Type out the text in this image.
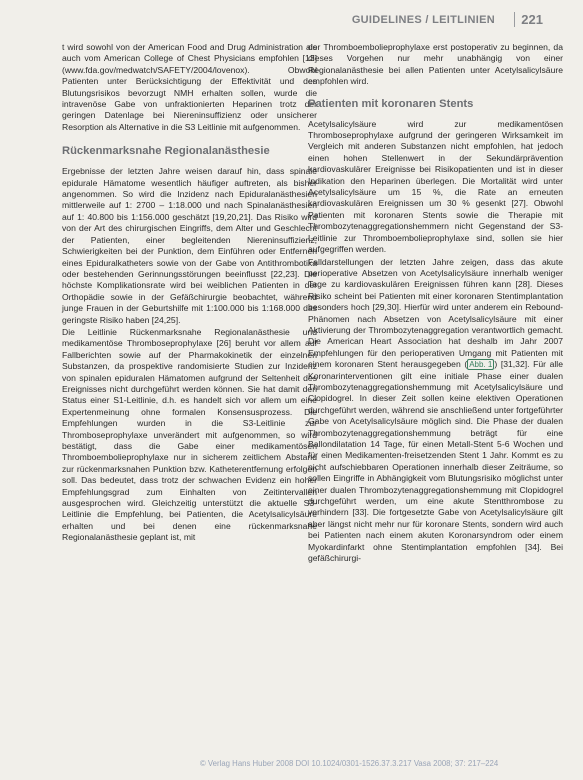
GUIDELINES / LEITLINIEN 221

t wird sowohl von der American Food and Drug Administration als auch vom American College of Chest Physicians empfohlen [13] (www.fda.gov/medwatch/SAFETY/2004/lovenox). Obwohl Patienten unter Berücksichtigung der Effektivität und des Blutungsrisikos bevorzugt NMH erhalten sollen, wurde die intravenöse Gabe von unfraktionierten Heparinen trotz der geringen Datenlage bei Niereninsuffizienz oder unsicherer Resorption als Alternative in die S3 Leitlinie mit aufgenommen.

Rückenmarksnahe Regionalanästhesie

Ergebnisse der letzten Jahre weisen darauf hin, dass spinale epidurale Hämatome wesentlich häufiger auftreten, als bisher angenommen. So wird die Inzidenz nach Epiduralanästhesien mittlerweile auf 1: 2700 – 1:18.000 und nach Spinalanästhesien auf 1: 40.800 bis 1:156.000 geschätzt [19,20,21]. Das Risiko wird von der Art des chirurgischen Eingriffs, dem Alter und Geschlecht der Patienten, einer begleitenden Niereninsuffizienz, Schwierigkeiten bei der Punktion, dem Einführen oder Entfernen eines Epiduralkatheters sowie von der Gabe von Antithrombotika oder bestehenden Gerinnungsstörungen beeinflusst [22,23]. Die höchste Komplikationsrate wird bei weiblichen Patienten in der Orthopädie sowie in der Gefäßchirurgie beobachtet, während junge Frauen in der Geburtshilfe mit 1:100.000 bis 1:168.000 das geringste Risiko haben [24,25].

Die Leitlinie Rückenmarksnahe Regionalanästhesie und medikamentöse Thromboseprophylaxe [26] beruht vor allem auf Fallberichten sowie auf der Pharmakokinetik der einzelnen Substanzen, da prospektive randomisierte Studien zur Inzidenz von spinalen epiduralen Hämatomen aufgrund der Seltenheit des Ereignisses nicht durchgeführt werden können. Sie hat damit den Status einer S1-Leitlinie, d.h. es handelt sich vor allem um eine Expertenmeinung ohne formalen Konsensusprozess. Die Empfehlungen wurden in die S3-Leitlinie zur Thromboseprophylaxe unverändert mit aufgenommen, so wird bestätigt, dass die Gabe einer medikamentösen Thromboembolieprophylaxe nur in sicherem zeitlichem Abstand zur rückenmarksnahen Punktion bzw. Katheterentfernung erfolgen soll. Das bedeutet, dass trotz der schwachen Evidenz ein hoher Empfehlungsgrad zum Einhalten von Zeitintervallen ausgesprochen wird. Gleichzeitig unterstützt die aktuelle S3-Leitlinie die Empfehlung, bei Patienten, die Acetylsalicylsäure erhalten und bei denen eine rückenmarksnahe Regionalanästhesie geplant ist, mit

der Thromboembolieprophylaxe erst postoperativ zu beginnen, da dieses Vorgehen nur mehr unabhängig von einer Regionalanästhesie bei allen Patienten unter Acetylsalicylsäure empfohlen wird.

Patienten mit koronaren Stents

Acetylsalicylsäure wird zur medikamentösen Thromboseprophylaxe aufgrund der geringeren Wirksamkeit im Vergleich mit anderen Substanzen nicht empfohlen, hat jedoch einen hohen Stellenwert in der Sekundärprävention kardiovaskulärer Ereignisse bei Risikopatienten und ist in dieser Indikation den Heparinen überlegen. Die Mortalität wird unter Acetylsalicylsäure um 15 %, die Rate an erneuten kardiovaskulären Ereignissen um 30 % gesenkt [27]. Obwohl Patienten mit koronaren Stents sowie die Therapie mit Thrombozytenaggregationshemmern nicht Gegenstand der S3-Leitlinie zur Thromboembolieprophylaxe sind, sollen sie hier aufgegriffen werden.

Falldarstellungen der letzten Jahre zeigen, dass das akute perioperative Absetzen von Acetylsalicylsäure innerhalb weniger Tage zu kardiovaskulären Ereignissen führen kann [28]. Dieses Risiko scheint bei Patienten mit einer koronaren Stentimplantation besonders hoch [29,30]. Hierfür wird unter anderem ein Rebound-Phänomen nach Absetzen von Acetylsalicylsäure mit einer Aktivierung der Thrombozytenaggregation verantwortlich gemacht. Die American Heart Association hat deshalb im Jahr 2007 Empfehlungen für den perioperativen Umgang mit Patienten mit einem koronaren Stent herausgegeben ( Abb. 1 ) [31,32]. Für alle Koronarinterventionen gilt eine initiale Phase einer dualen Thrombozytenaggregationshemmung mit Acetylsalicylsäure und Clopidogrel. In dieser Zeit sollen keine elektiven Operationen durchgeführt werden, während sie anschließend unter fortgeführter Gabe von Acetylsalicylsäure möglich sind. Die Phase der dualen Thrombozytenaggregationshemmung beträgt für eine Ballondilatation 14 Tage, für einen Metall-Stent 5-6 Wochen und für einen Medikamenten-freisetzenden Stent 1 Jahr. Kommt es zu nicht aufschiebbaren Operationen innerhalb dieser Zeiträume, so sollen Eingriffe in Abhängigkeit vom Blutungsrisiko möglichst unter einer dualen Thrombozytenaggregationshemmung mit Clopidogrel durchgeführt werden, um eine akute Stentthrombose zu verhindern [33]. Die fortgesetzte Gabe von Acetylsalicylsäure gilt aber längst nicht mehr nur für koronare Stents, sondern wird auch bei Patienten nach einem akuten Koronarsyndrom oder einem Myokardinfarkt ohne Stentimplantation empfohlen [34]. Bei gefäßchirurgi-

© Verlag Hans Huber 2008 DOI 10.1024/0301-1526.37.3.217 Vasa 2008; 37: 217–224
